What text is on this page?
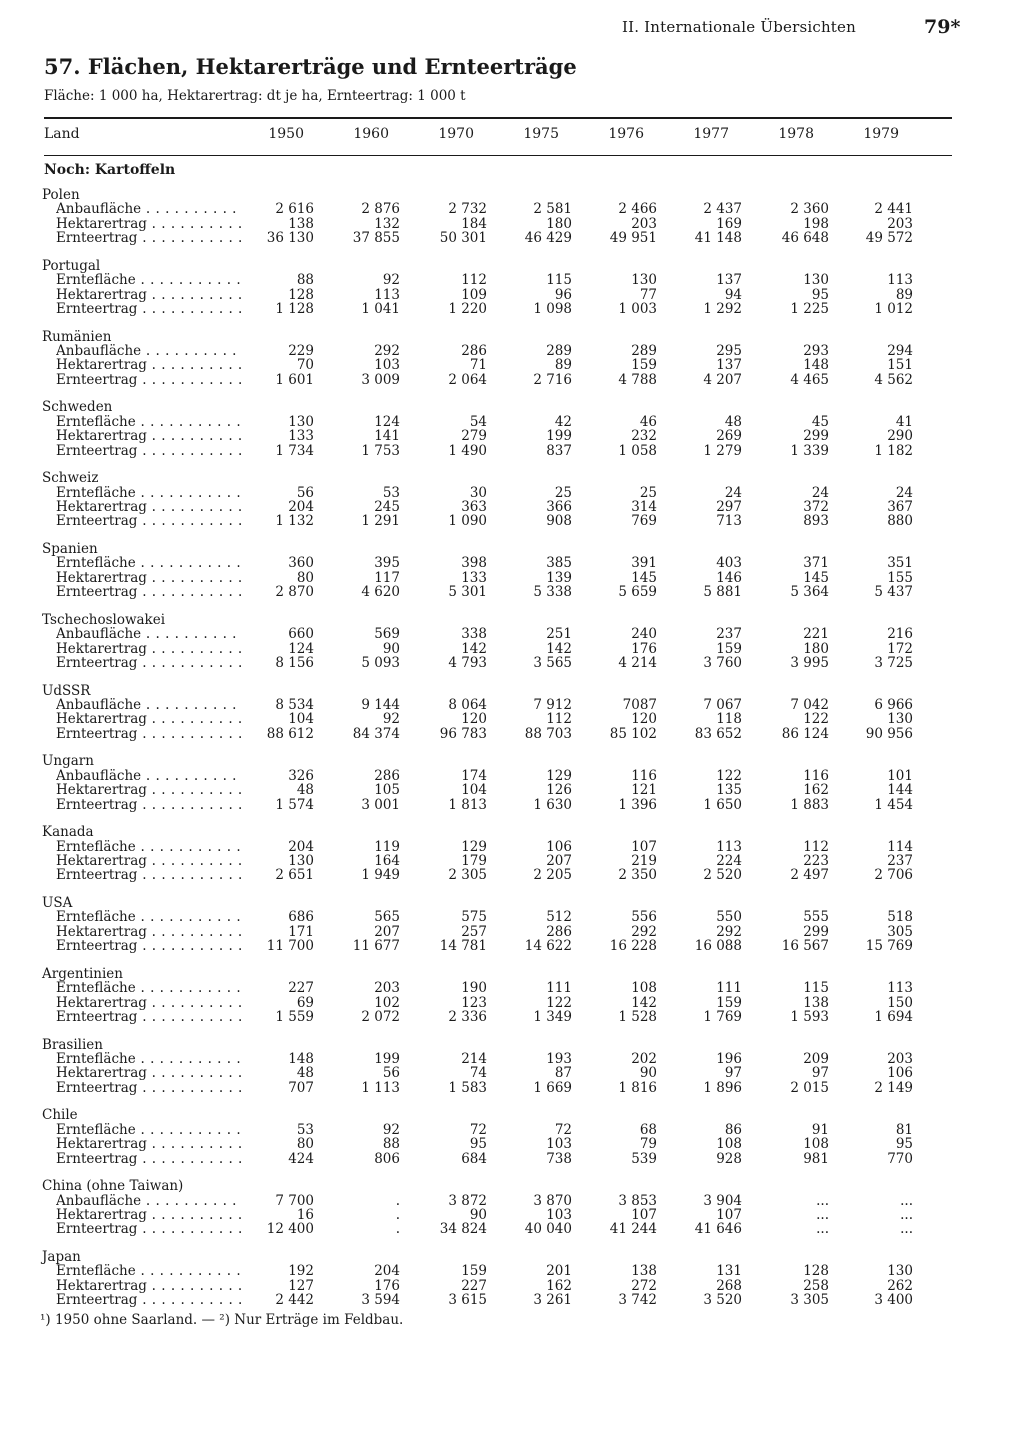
II. Internationale Übersichten	79*
57. Flächen, Hektarerträge und Ernteerträge
Fläche: 1 000 ha, Hektarertrag: dt je ha, Ernteertrag: 1 000 t
Land	1950	1960	1970	1975	1976	1977	1978	1979
Noch: Kartoffeln
Polen
Anbaufläche . . .	2 616	2 876	2 732	2 581	2 466	2 437	2 360	2 441
Hektarertrag . . .	138	132	184	180	203	169	198	203
Ernteertrag . . .	36 130	37 855	50 301	46 429	49 951	41 148	46 648	49 572
Portugal
Erntefläche . . .	88	92	112	115	130	137	130	113
Hektarertrag . . .	128	113	109	96	77	94	95	89
Ernteertrag . . .	1 128	1 041	1 220	1 098	1 003	1 292	1 225	1 012
Rumänien
Anbaufläche . . .	229	292	286	289	289	295	293	294
Hektarertrag . . .	70	103	71	89	159	137	148	151
Ernteertrag . . .	1 601	3 009	2 064	2 716	4 788	4 207	4 465	4 562
Schweden
Erntefläche . . .	130	124	54	42	46	48	45	41
Hektarertrag . . .	133	141	279	199	232	269	299	290
Ernteertrag . . .	1 734	1 753	1 490	837	1 058	1 279	1 339	1 182
Schweiz
Erntefläche . . .	56	53	30	25	25	24	24	24
Hektarertrag . . .	204	245	363	366	314	297	372	367
Ernteertrag . . .	1 132	1 291	1 090	908	769	713	893	880
Spanien
Erntefläche . . .	360	395	398	385	391	403	371	351
Hektarertrag . . .	80	117	133	139	145	146	145	155
Ernteertrag . . .	2 870	4 620	5 301	5 338	5 659	5 881	5 364	5 437
Tschechoslowakei
Anbaufläche . . .	660	569	338	251	240	237	221	216
Hektarertrag . . .	124	90	142	142	176	159	180	172
Ernteertrag . . .	8 156	5 093	4 793	3 565	4 214	3 760	3 995	3 725
UdSSR
Anbaufläche . . .	8 534	9 144	8 064	7 912	7087	7 067	7 042	6 966
Hektarertrag . . .	104	92	120	112	120	118	122	130
Ernteertrag . . .	88 612	84 374	96 783	88 703	85 102	83 652	86 124	90 956
Ungarn
Anbaufläche . . .	326	286	174	129	116	122	116	101
Hektarertrag . . .	48	105	104	126	121	135	162	144
Ernteertrag . . .	1 574	3 001	1 813	1 630	1 396	1 650	1 883	1 454
Kanada
Erntefläche . . .	204	119	129	106	107	113	112	114
Hektarertrag . . .	130	164	179	207	219	224	223	237
Ernteertrag . . .	2 651	1 949	2 305	2 205	2 350	2 520	2 497	2 706
USA
Erntefläche . . .	686	565	575	512	556	550	555	518
Hektarertrag . . .	171	207	257	286	292	292	299	305
Ernteertrag . . .	11 700	11 677	14 781	14 622	16 228	16 088	16 567	15 769
Argentinien
Erntefläche . . .	227	203	190	111	108	111	115	113
Hektarertrag . . .	69	102	123	122	142	159	138	150
Ernteertrag . . .	1 559	2 072	2 336	1 349	1 528	1 769	1 593	1 694
Brasilien
Erntefläche . . .	148	199	214	193	202	196	209	203
Hektarertrag . . .	48	56	74	87	90	97	97	106
Ernteertrag . . .	707	1 113	1 583	1 669	1 816	1 896	2 015	2 149
Chile
Erntefläche . . .	53	92	72	72	68	86	91	81
Hektarertrag . . .	80	88	95	103	79	108	108	95
Ernteertrag . . .	424	806	684	738	539	928	981	770
China (ohne Taiwan)
Anbaufläche . . .	7 700	.	3 872	3 870	3 853	3 904	...	...
Hektarertrag . . .	16	.	90	103	107	107	...	...
Ernteertrag . . .	12 400	.	34 824	40 040	41 244	41 646	...	...
Japan
Erntefläche . . .	192	204	159	201	138	131	128	130
Hektarertrag . . .	127	176	227	162	272	268	258	262
Ernteertrag . . .	2 442	3 594	3 615	3 261	3 742	3 520	3 305	3 400
¹) 1950 ohne Saarland. — ²) Nur Erträge im Feldbau.
